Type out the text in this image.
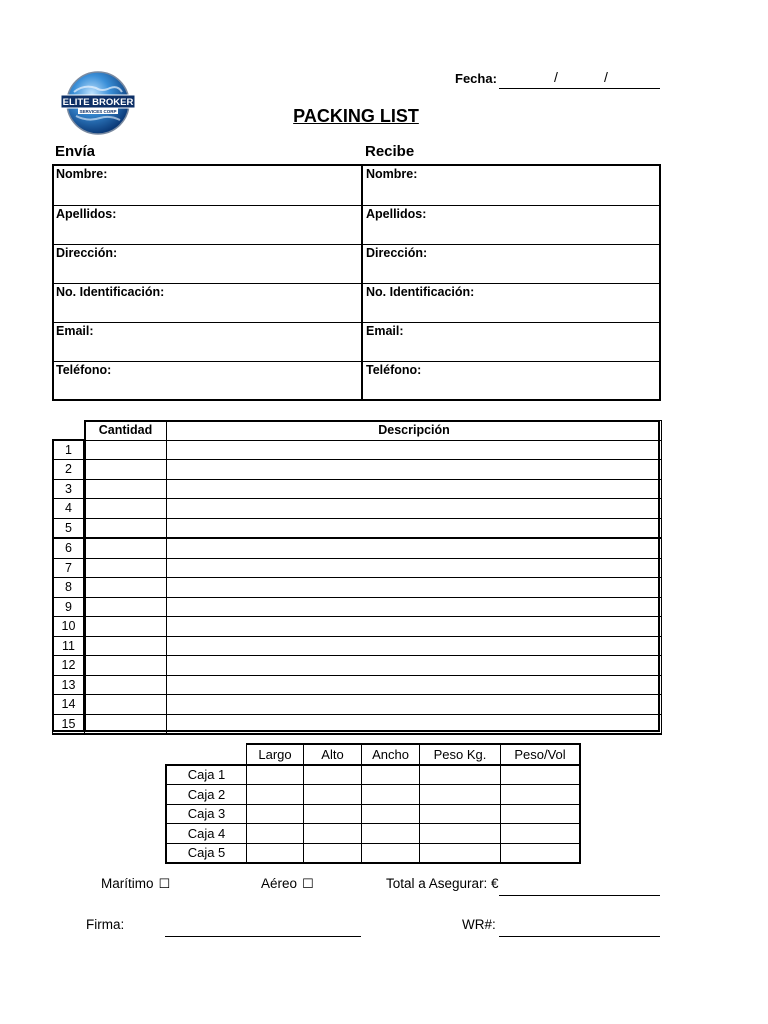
ELITE BROKER
SERVICES CORP
Fecha:	/	/
PACKING LIST
Envía	Recibe
Nombre:	Nombre:
Apellidos:	Apellidos:
Dirección:	Dirección:
No. Identificación:	No. Identificación:
Email:	Email:
Teléfono:	Teléfono:
	Cantidad	Descripción
1		
2		
3		
4		
5		
6		
7		
8		
9		
10		
11		
12		
13		
14		
15		
	Largo	Alto	Ancho	Peso Kg.	Peso/Vol
Caja 1					
Caja 2					
Caja 3					
Caja 4					
Caja 5					
Marítimo ☐	Aéreo ☐	Total a Asegurar: €
Firma:	WR#:
